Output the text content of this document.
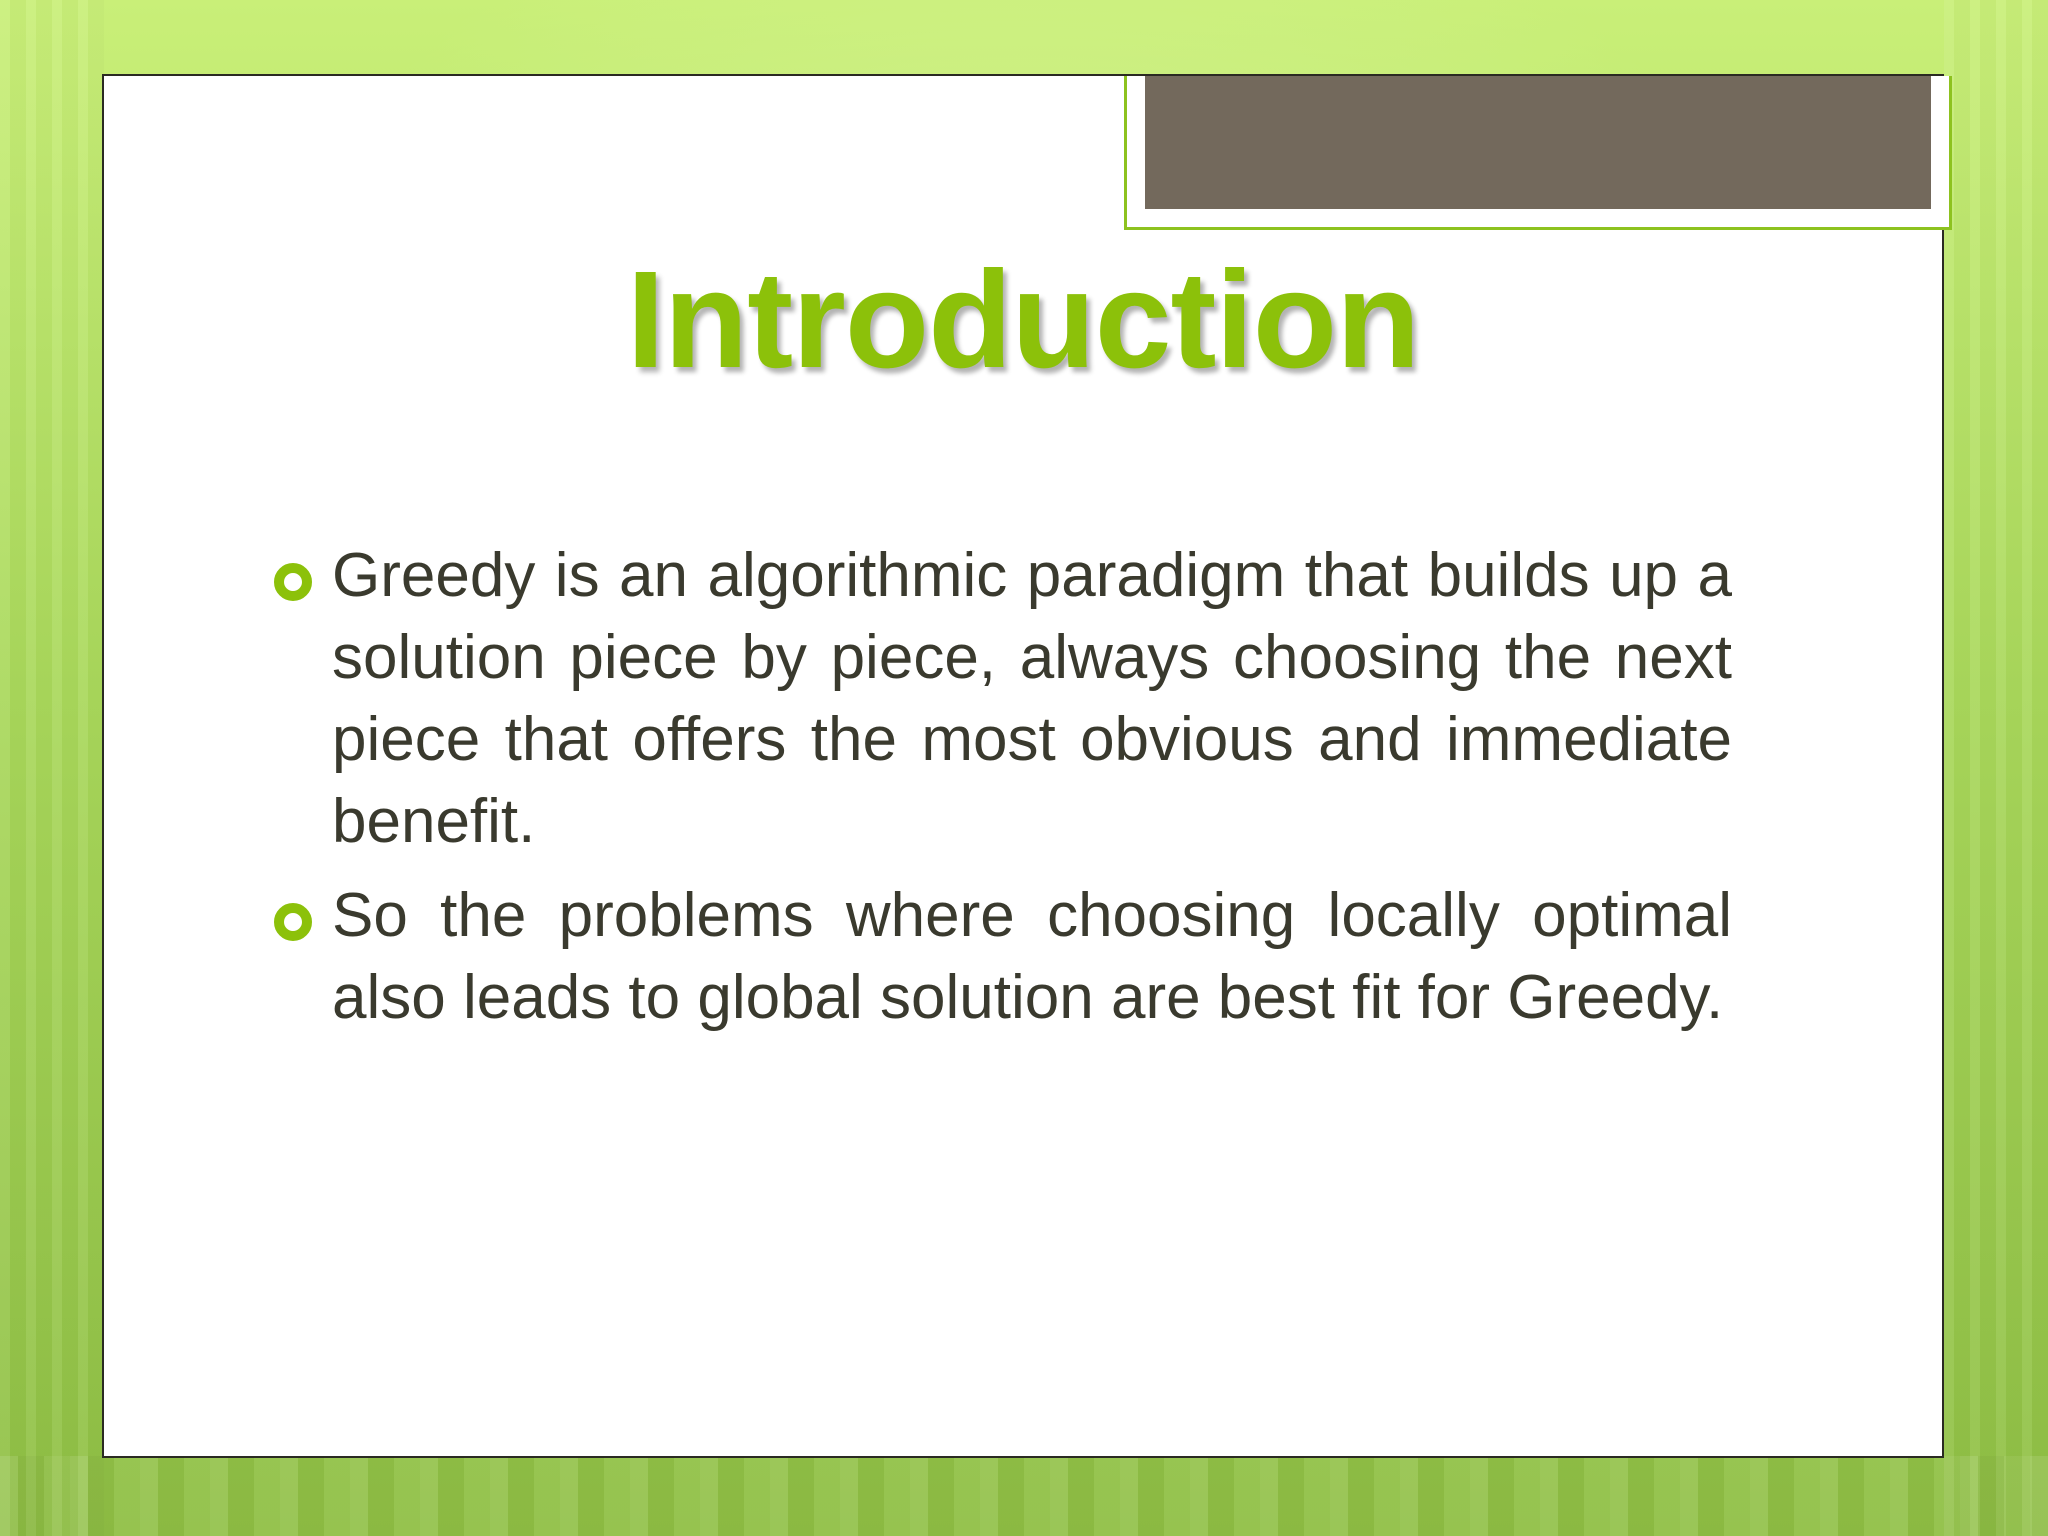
Introduction
Greedy is an algorithmic paradigm that builds up a solution piece by piece, always choosing the next piece that offers the most obvious and immediate benefit.
So the problems where choosing locally optimal also leads to global solution are best fit for Greedy.
